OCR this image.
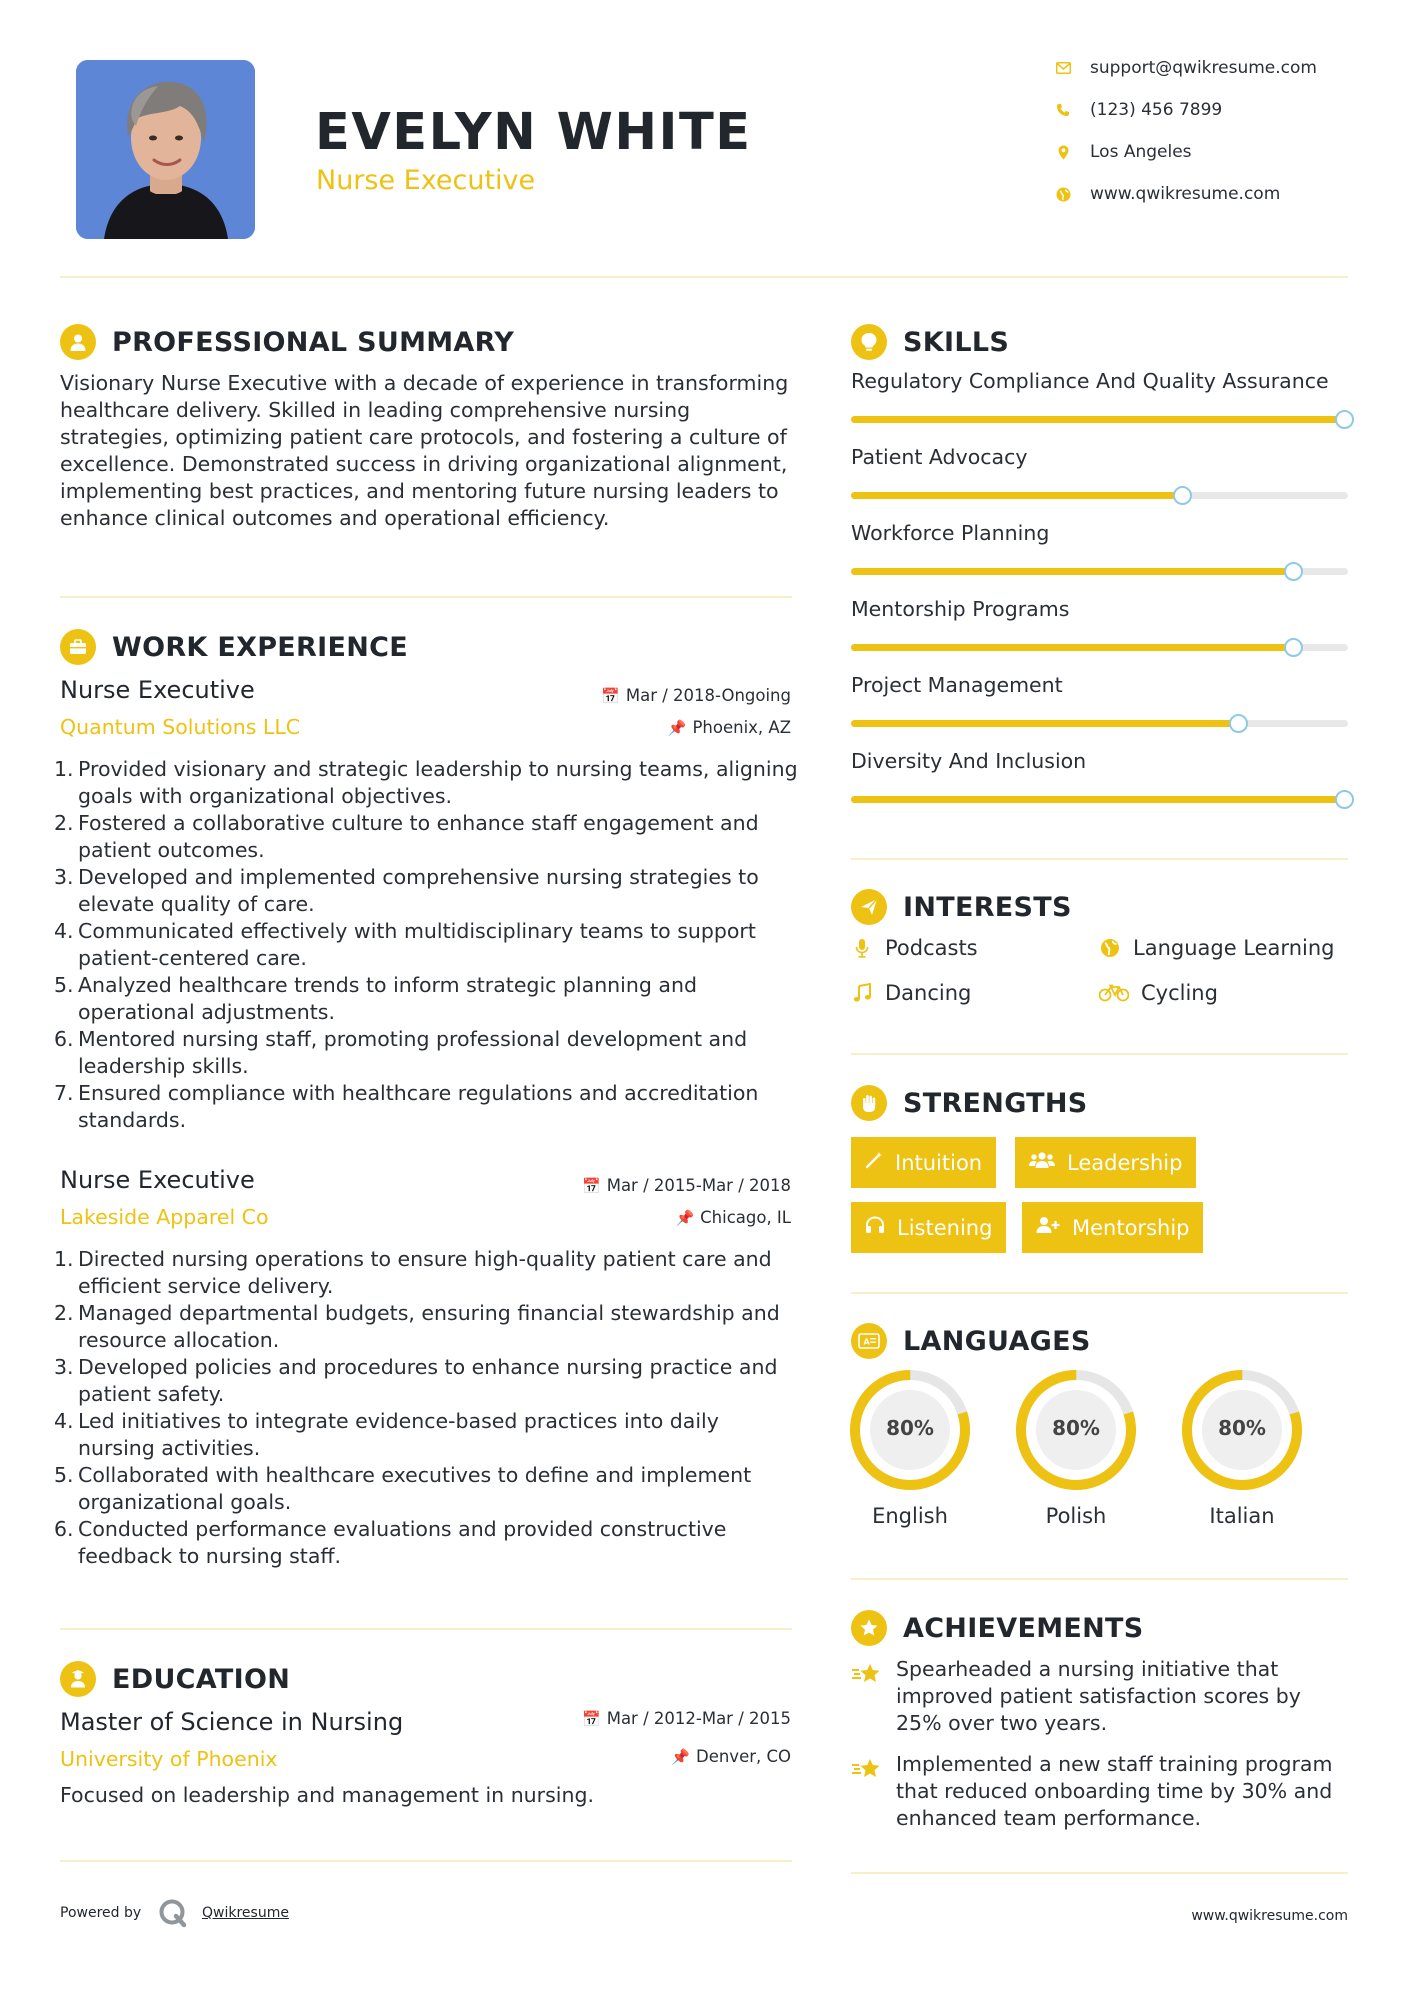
EVELYN WHITE
Nurse Executive
support@qwikresume.com
(123) 456 7899
Los Angeles
www.qwikresume.com
PROFESSIONAL SUMMARY
Visionary Nurse Executive with a decade of experience in transforming healthcare delivery. Skilled in leading comprehensive nursing strategies, optimizing patient care protocols, and fostering a culture of excellence. Demonstrated success in driving organizational alignment, implementing best practices, and mentoring future nursing leaders to enhance clinical outcomes and operational efficiency.
WORK EXPERIENCE
Nurse Executive
Quantum Solutions LLC
📅 Mar / 2018-Ongoing
📌 Phoenix, AZ
1. Provided visionary and strategic leadership to nursing teams, aligning goals with organizational objectives.
2. Fostered a collaborative culture to enhance staff engagement and patient outcomes.
3. Developed and implemented comprehensive nursing strategies to elevate quality of care.
4. Communicated effectively with multidisciplinary teams to support patient-centered care.
5. Analyzed healthcare trends to inform strategic planning and operational adjustments.
6. Mentored nursing staff, promoting professional development and leadership skills.
7. Ensured compliance with healthcare regulations and accreditation standards.
Nurse Executive
Lakeside Apparel Co
📅 Mar / 2015-Mar / 2018
📌 Chicago, IL
1. Directed nursing operations to ensure high-quality patient care and efficient service delivery.
2. Managed departmental budgets, ensuring financial stewardship and resource allocation.
3. Developed policies and procedures to enhance nursing practice and patient safety.
4. Led initiatives to integrate evidence-based practices into daily nursing activities.
5. Collaborated with healthcare executives to define and implement organizational goals.
6. Conducted performance evaluations and provided constructive feedback to nursing staff.
EDUCATION
Master of Science in Nursing
University of Phoenix
📅 Mar / 2012-Mar / 2015
📌 Denver, CO
Focused on leadership and management in nursing.
SKILLS
Regulatory Compliance And Quality Assurance
Patient Advocacy
Workforce Planning
Mentorship Programs
Project Management
Diversity And Inclusion
INTERESTS
Podcasts	Language Learning
Dancing	Cycling
STRENGTHS
Intuition	Leadership
Listening	Mentorship
A LANGUAGES
80%
English
80%
Polish
80%
Italian
ACHIEVEMENTS
Spearheaded a nursing initiative that improved patient satisfaction scores by 25% over two years.
Implemented a new staff training program that reduced onboarding time by 30% and enhanced team performance.
Powered by	Qwikresume	www.qwikresume.com
